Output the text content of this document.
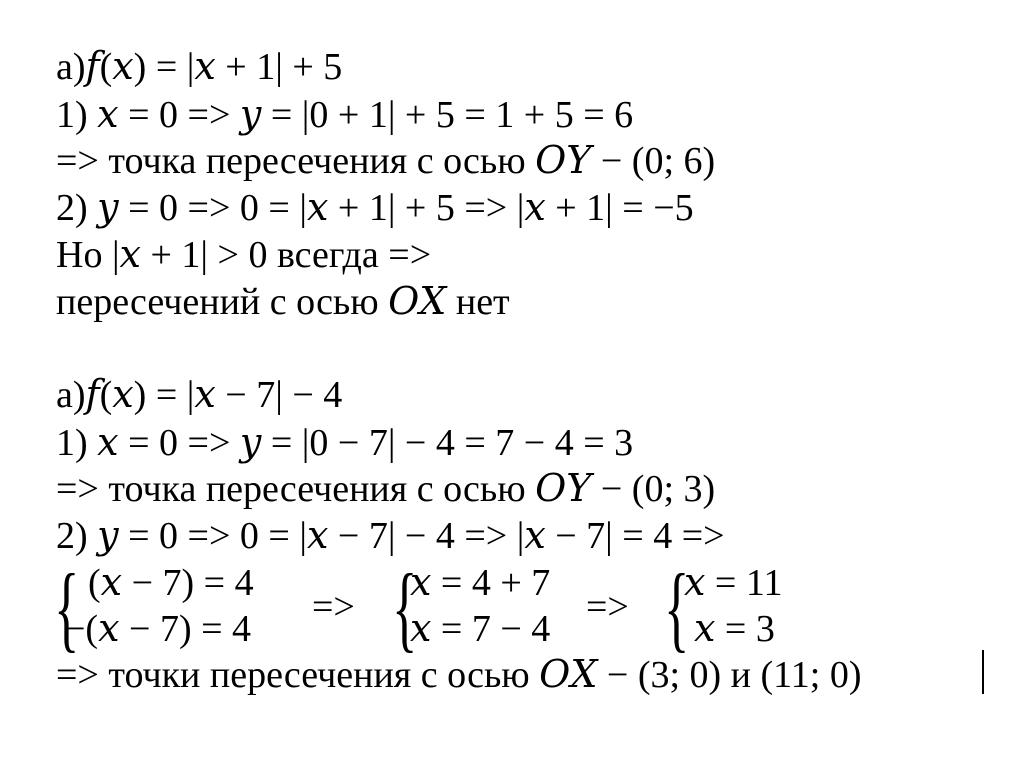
а)𝑓(𝑥) = |𝑥 + 1| + 5
1) 𝑥 = 0 => 𝑦 = |0 + 1| + 5 = 1 + 5 = 6
=> точка пересечения с осью 𝑂𝑌 − (0; 6)
2) 𝑦 = 0 => 0 = |𝑥 + 1| + 5 => |𝑥 + 1| = −5
Но |𝑥 + 1| > 0 всегда =>
пересечений с осью 𝑂𝑋 нет
а)𝑓(𝑥) = |𝑥 − 7| − 4
1) 𝑥 = 0 => 𝑦 = |0 − 7| − 4 = 7 − 4 = 3
=> точка пересечения с осью 𝑂𝑌 − (0; 3)
2) 𝑦 = 0 => 0 = |𝑥 − 7| − 4 => |𝑥 − 7| = 4 =>
{ (𝑥 − 7) = 4
−(𝑥 − 7) = 4
=> {
𝑥 = 4 + 7
𝑥 = 7 − 4
=> {
𝑥 = 11
𝑥 = 3
=> точки пересечения с осью 𝑂𝑋 − (3; 0) и (11; 0)
